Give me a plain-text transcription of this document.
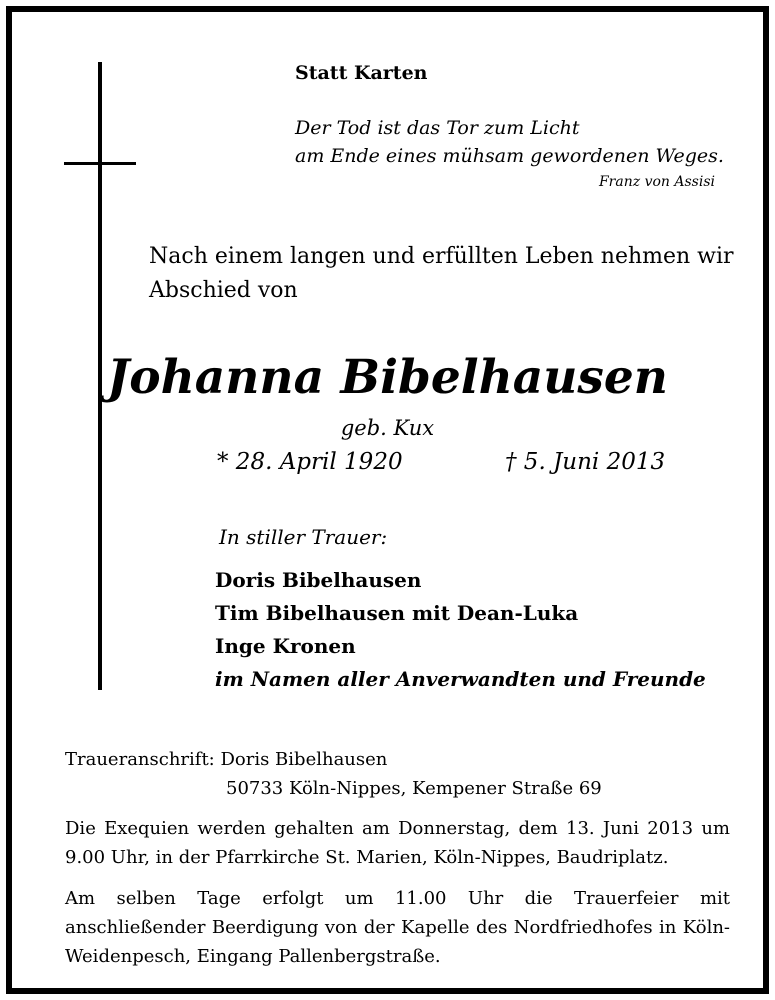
Statt Karten
Der Tod ist das Tor zum Licht
am Ende eines mühsam gewordenen Weges.
Franz von Assisi
Nach einem langen und erfüllten Leben nehmen wir
Abschied von
Johanna Bibelhausen
geb. Kux
* 28. April 1920	† 5. Juni 2013
In stiller Trauer:
Doris Bibelhausen
Tim Bibelhausen mit Dean-Luka
Inge Kronen
im Namen aller Anverwandten und Freunde
Traueranschrift: Doris Bibelhausen
50733 Köln-Nippes, Kempener Straße 69
Die Exequien werden gehalten am Donnerstag, dem 13. Juni 2013 um 9.00 Uhr, in der Pfarrkirche St. Marien, Köln-Nippes, Baudriplatz.
Am selben Tage erfolgt um 11.00 Uhr die Trauerfeier mit anschließender Beerdigung von der Kapelle des Nordfriedhofes in Köln-Weidenpesch, Eingang Pallenbergstraße.
